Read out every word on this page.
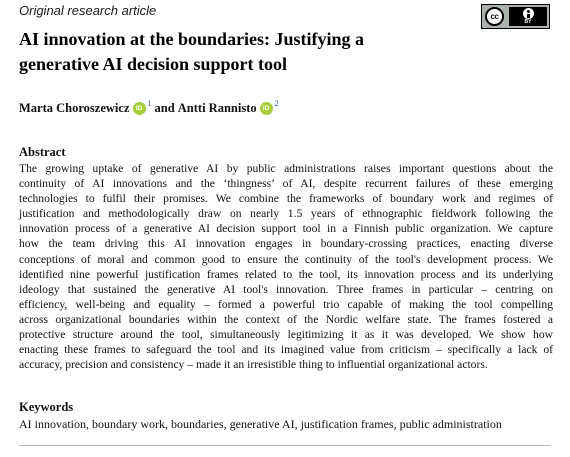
Original research article	cc
BY
AI innovation at the boundaries: Justifying a
generative AI decision support tool
Marta Choroszewicz iD
1 and
Antti Rannisto iD
2
Abstract
The growing uptake of generative AI by public administrations raises important questions about the
continuity of AI innovations and the ‘thingness’ of AI, despite recurrent failures of these emerging
technologies to fulfil their promises. We combine the frameworks of boundary work and regimes of
justification and methodologically draw on nearly 1.5 years of ethnographic fieldwork following the
innovation process of a generative AI decision support tool in a Finnish public organization. We capture
how the team driving this AI innovation engages in boundary-crossing practices, enacting diverse
conceptions of moral and common good to ensure the continuity of the tool's development process. We
identified nine powerful justification frames related to the tool, its innovation process and its underlying
ideology that sustained the generative AI tool's innovation. Three frames in particular – centring on
efficiency, well-being and equality – formed a powerful trio capable of making the tool compelling
across organizational boundaries within the context of the Nordic welfare state. The frames fostered a
protective structure around the tool, simultaneously legitimizing it as it was developed. We show how
enacting these frames to safeguard the tool and its imagined value from criticism – specifically a lack of
accuracy, precision and consistency – made it an irresistible thing to influential organizational actors.
Keywords
AI innovation, boundary work, boundaries, generative AI, justification frames, public administration
